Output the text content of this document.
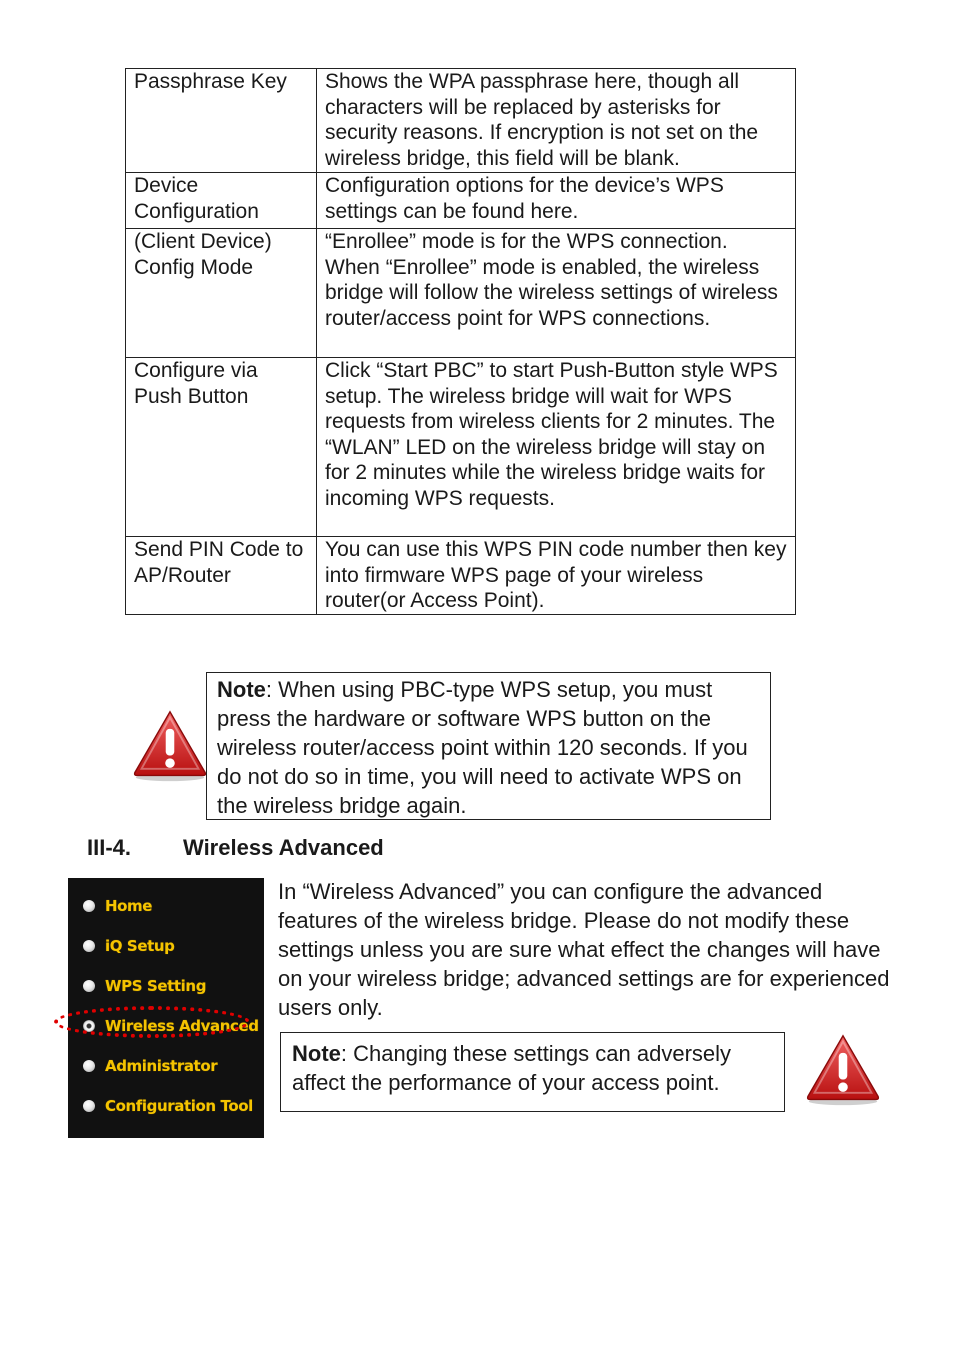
Passphrase Key	Shows the WPA passphrase here, though all characters will be replaced by asterisks for security reasons. If encryption is not set on the wireless bridge, this field will be blank.
Device Configuration	Configuration options for the device’s WPS settings can be found here.
(Client Device) Config Mode	“Enrollee” mode is for the WPS connection. When “Enrollee” mode is enabled, the wireless bridge will follow the wireless settings of wireless router/access point for WPS connections.
Configure via Push Button	Click “Start PBC” to start Push-Button style WPS setup. The wireless bridge will wait for WPS requests from wireless clients for 2 minutes. The “WLAN” LED on the wireless bridge will stay on for 2 minutes while the wireless bridge waits for incoming WPS requests.
Send PIN Code to AP/Router	You can use this WPS PIN code number then key into firmware WPS page of your wireless router(or Access Point).
Note: When using PBC-type WPS setup, you must press the hardware or software WPS button on the wireless router/access point within 120 seconds. If you do not do so in time, you will need to activate WPS on the wireless bridge again.
III-4. Wireless Advanced
Home
iQ Setup
WPS Setting
Wireless Advanced
Administrator
Configuration Tool
In “Wireless Advanced” you can configure the advanced features of the wireless bridge. Please do not modify these settings unless you are sure what effect the changes will have on your wireless bridge; advanced settings are for experienced users only.
Note: Changing these settings can adversely affect the performance of your access point.
